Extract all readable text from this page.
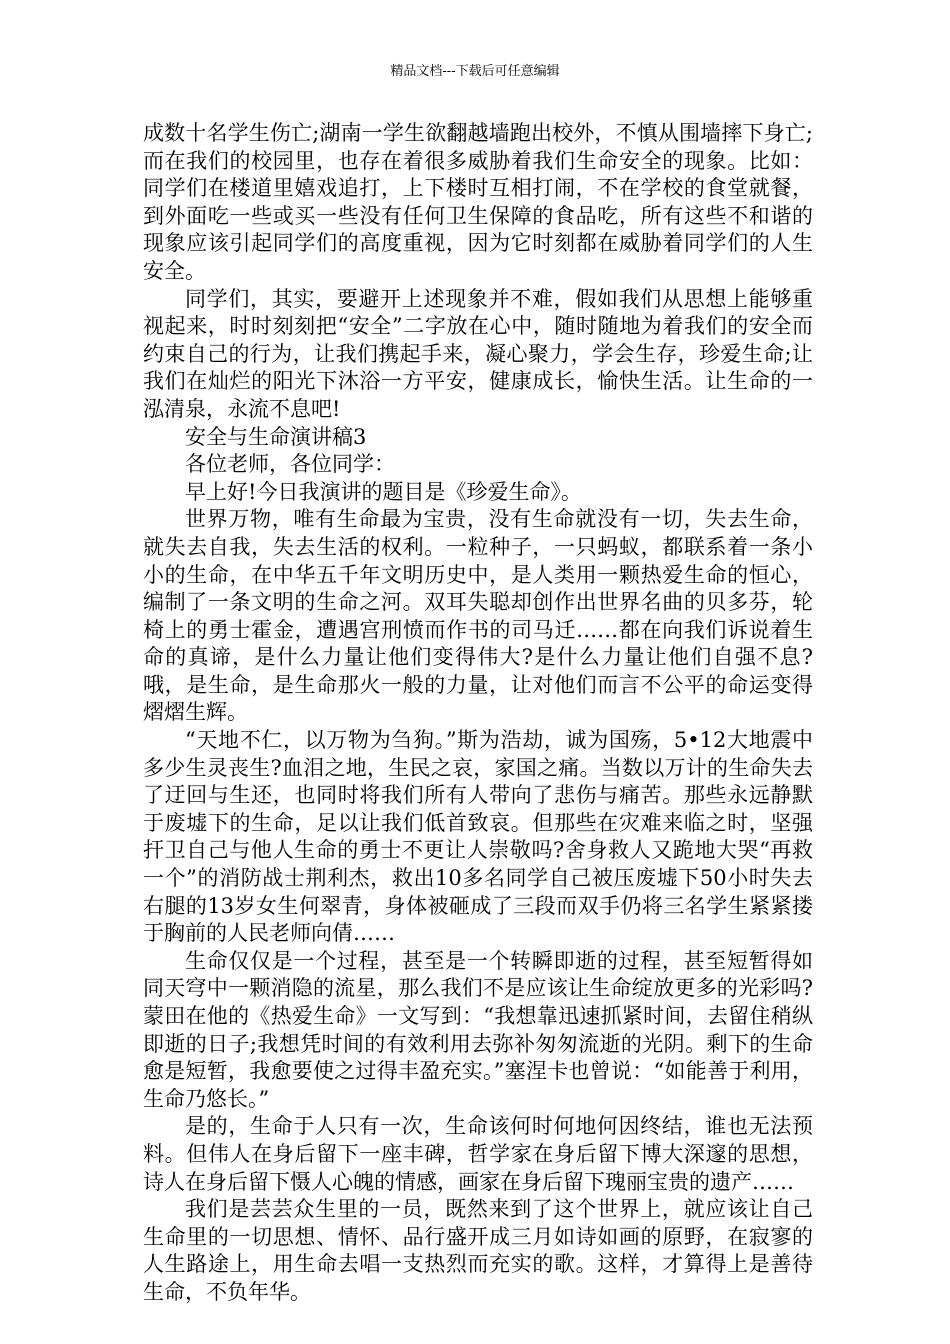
精品文档---下载后可任意编辑

成数十名学生伤亡;湖南一学生欲翻越墙跑出校外，不慎从围墙摔下身亡;而在我们的校园里，也存在着很多威胁着我们生命安全的现象。比如：同学们在楼道里嬉戏追打，上下楼时互相打闹，不在学校的食堂就餐，到外面吃一些或买一些没有任何卫生保障的食品吃，所有这些不和谐的现象应该引起同学们的高度重视，因为它时刻都在威胁着同学们的人生安全。

同学们，其实，要避开上述现象并不难，假如我们从思想上能够重视起来，时时刻刻把“安全”二字放在心中，随时随地为着我们的安全而约束自己的行为，让我们携起手来，凝心聚力，学会生存，珍爱生命;让我们在灿烂的阳光下沐浴一方平安，健康成长，愉快生活。让生命的一泓清泉，永流不息吧!

安全与生命演讲稿3

各位老师，各位同学：

早上好!今日我演讲的题目是《珍爱生命》。

世界万物，唯有生命最为宝贵，没有生命就没有一切，失去生命，就失去自我，失去生活的权利。一粒种子，一只蚂蚁，都联系着一条小小的生命，在中华五千年文明历史中，是人类用一颗热爱生命的恒心，编制了一条文明的生命之河。双耳失聪却创作出世界名曲的贝多芬，轮椅上的勇士霍金，遭遇宫刑愤而作书的司马迁……都在向我们诉说着生命的真谛，是什么力量让他们变得伟大?是什么力量让他们自强不息?哦，是生命，是生命那火一般的力量，让对他们而言不公平的命运变得熠熠生辉。

“天地不仁，以万物为刍狗。”斯为浩劫，诚为国殇，5•12大地震中多少生灵丧生?血泪之地，生民之哀，家国之痛。当数以万计的生命失去了迂回与生还，也同时将我们所有人带向了悲伤与痛苦。那些永远静默于废墟下的生命，足以让我们低首致哀。但那些在灾难来临之时，坚强扞卫自己与他人生命的勇士不更让人崇敬吗?舍身救人又跪地大哭“再救一个”的消防战士荆利杰，救出10多名同学自己被压废墟下50小时失去右腿的13岁女生何翠青，身体被砸成了三段而双手仍将三名学生紧紧搂于胸前的人民老师向倩……

生命仅仅是一个过程，甚至是一个转瞬即逝的过程，甚至短暂得如同天穹中一颗消隐的流星，那么我们不是应该让生命绽放更多的光彩吗?蒙田在他的《热爱生命》一文写到：“我想靠迅速抓紧时间，去留住稍纵即逝的日子;我想凭时间的有效利用去弥补匆匆流逝的光阴。剩下的生命愈是短暂，我愈要使之过得丰盈充实。”塞涅卡也曾说：“如能善于利用，生命乃悠长。”

是的，生命于人只有一次，生命该何时何地何因终结，谁也无法预料。但伟人在身后留下一座丰碑，哲学家在身后留下博大深邃的思想，诗人在身后留下慑人心魄的情感，画家在身后留下瑰丽宝贵的遗产……

我们是芸芸众生里的一员，既然来到了这个世界上，就应该让自己生命里的一切思想、情怀、品行盛开成三月如诗如画的原野，在寂寥的人生路途上，用生命去唱一支热烈而充实的歌。这样，才算得上是善待生命，不负年华。
